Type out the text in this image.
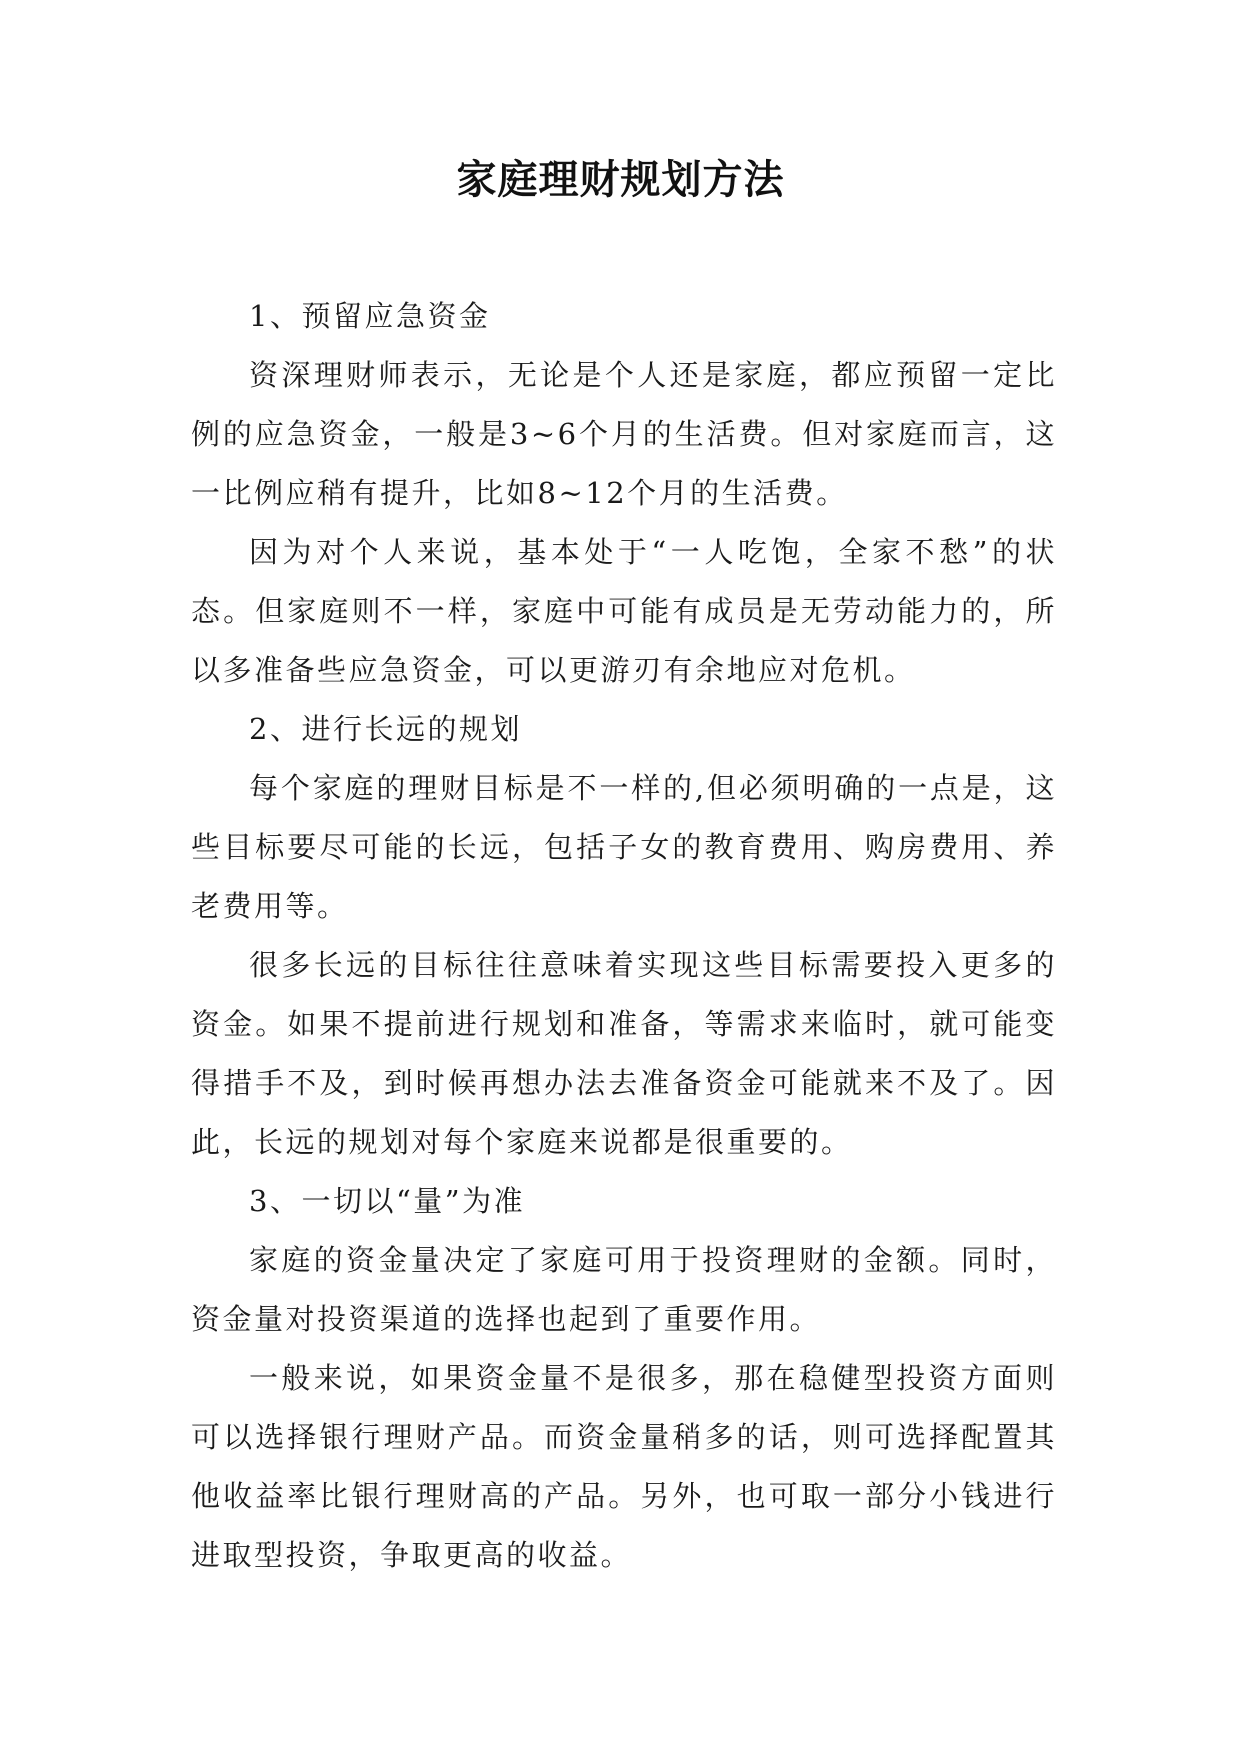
家庭理财规划方法

1、预留应急资金

资深理财师表示，无论是个人还是家庭，都应预留一定比例的应急资金，一般是3~6个月的生活费。但对家庭而言，这一比例应稍有提升，比如8~12个月的生活费。

因为对个人来说，基本处于“一人吃饱，全家不愁”的状态。但家庭则不一样，家庭中可能有成员是无劳动能力的，所以多准备些应急资金，可以更游刃有余地应对危机。

2、进行长远的规划

每个家庭的理财目标是不一样的,但必须明确的一点是，这些目标要尽可能的长远，包括子女的教育费用、购房费用、养老费用等。

很多长远的目标往往意味着实现这些目标需要投入更多的资金。如果不提前进行规划和准备，等需求来临时，就可能变得措手不及，到时候再想办法去准备资金可能就来不及了。因此，长远的规划对每个家庭来说都是很重要的。

3、一切以“量”为准

家庭的资金量决定了家庭可用于投资理财的金额。同时，资金量对投资渠道的选择也起到了重要作用。

一般来说，如果资金量不是很多，那在稳健型投资方面则可以选择银行理财产品。而资金量稍多的话，则可选择配置其他收益率比银行理财高的产品。另外，也可取一部分小钱进行进取型投资，争取更高的收益。
